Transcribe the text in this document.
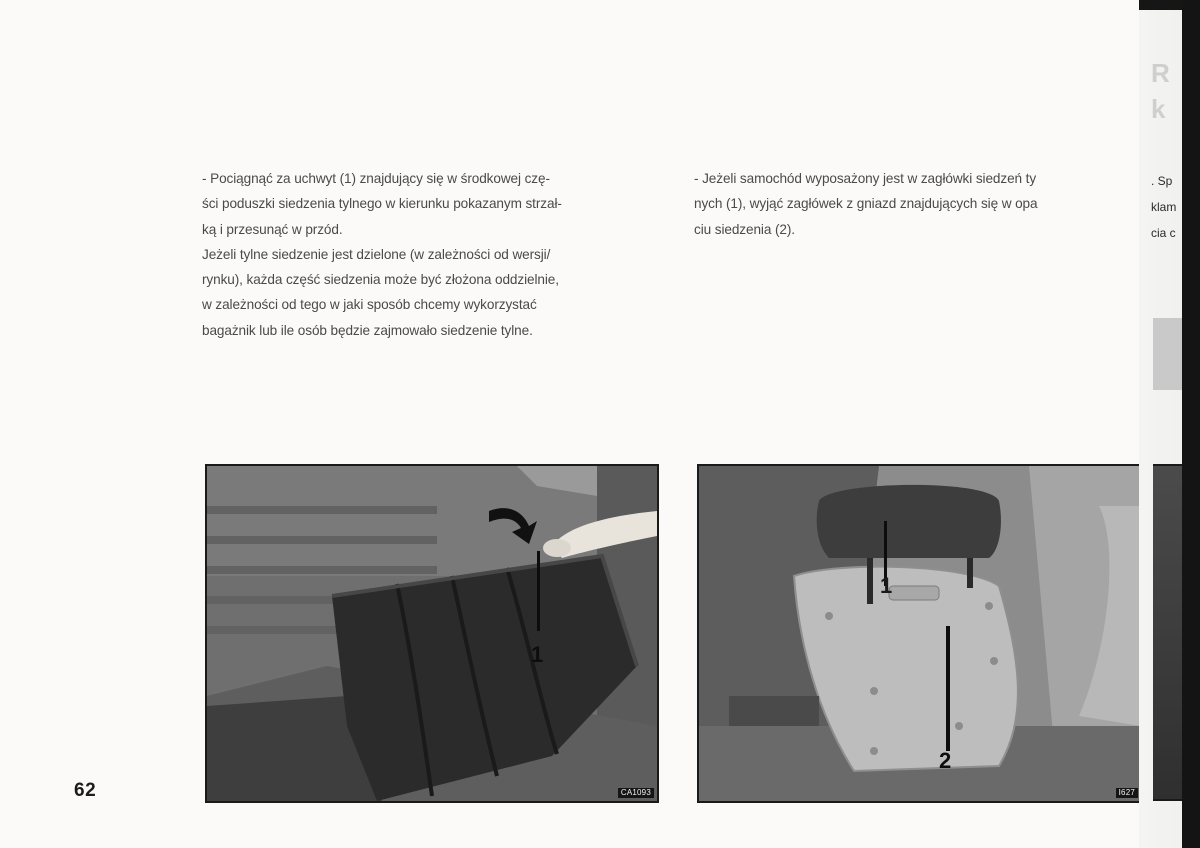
- Pociągnąć za uchwyt (1) znajdujący się w środkowej czę-
ści poduszki siedzenia tylnego w kierunku pokazanym strzał-
ką i przesunąć w przód.
Jeżeli tylne siedzenie jest dzielone (w zależności od wersji/
rynku), każda część siedzenia może być złożona oddzielnie,
w zależności od tego w jaki sposób chcemy wykorzystać
bagażnik lub ile osób będzie zajmowało siedzenie tylne.
- Jeżeli samochód wyposażony jest w zagłówki siedzeń ty
nych (1), wyjąć zagłówek z gniazd znajdujących się w opa
ciu siedzenia (2).
1
CA1093
1
2
I627
62
R
k
. Sp
klam
cia c
